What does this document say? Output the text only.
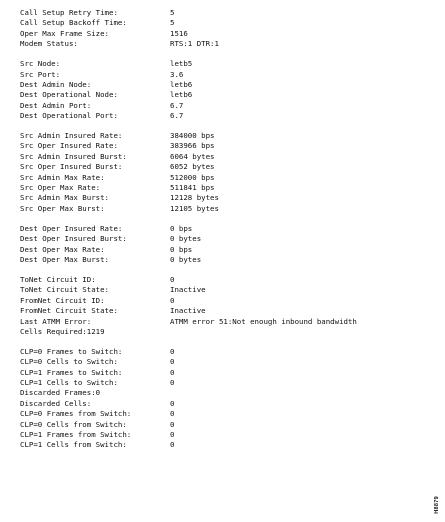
Call Setup Retry Time:	5
Call Setup Backoff Time:	5
Oper Max Frame Size:	1516
Modem Status:	RTS:1 DTR:1
Src Node:	letb5
Src Port:	3.6
Dest Admin Node:	letb6
Dest Operational Node:	letb6
Dest Admin Port:	6.7
Dest Operational Port:	6.7
Src Admin Insured Rate:	384000 bps
Src Oper Insured Rate:	383966 bps
Src Admin Insured Burst:	6064 bytes
Src Oper Insured Burst:	6052 bytes
Src Admin Max Rate:	512000 bps
Src Oper Max Rate:	511841 bps
Src Admin Max Burst:	12128 bytes
Src Oper Max Burst:	12105 bytes
Dest Oper Insured Rate:	0 bps
Dest Oper Insured Burst:	0 bytes
Dest Oper Max Rate:	0 bps
Dest Oper Max Burst:	0 bytes
ToNet Circuit ID:	0
ToNet Circuit State:	Inactive
FromNet Circuit ID:	0
FromNet Circuit State:	Inactive
Last ATMM Error:	ATMM error 51:Not enough inbound bandwidth
Cells Required:1219
CLP=0 Frames to Switch:	0
CLP=0 Cells to Switch:	0
CLP=1 Frames to Switch:	0
CLP=1 Cells to Switch:	0
Discarded Frames:0
Discarded Cells:	0
CLP=0 Frames from Switch:	0
CLP=0 Cells from Switch:	0
CLP=1 Frames from Switch:	0
CLP=1 Cells from Switch:	0
H8879
